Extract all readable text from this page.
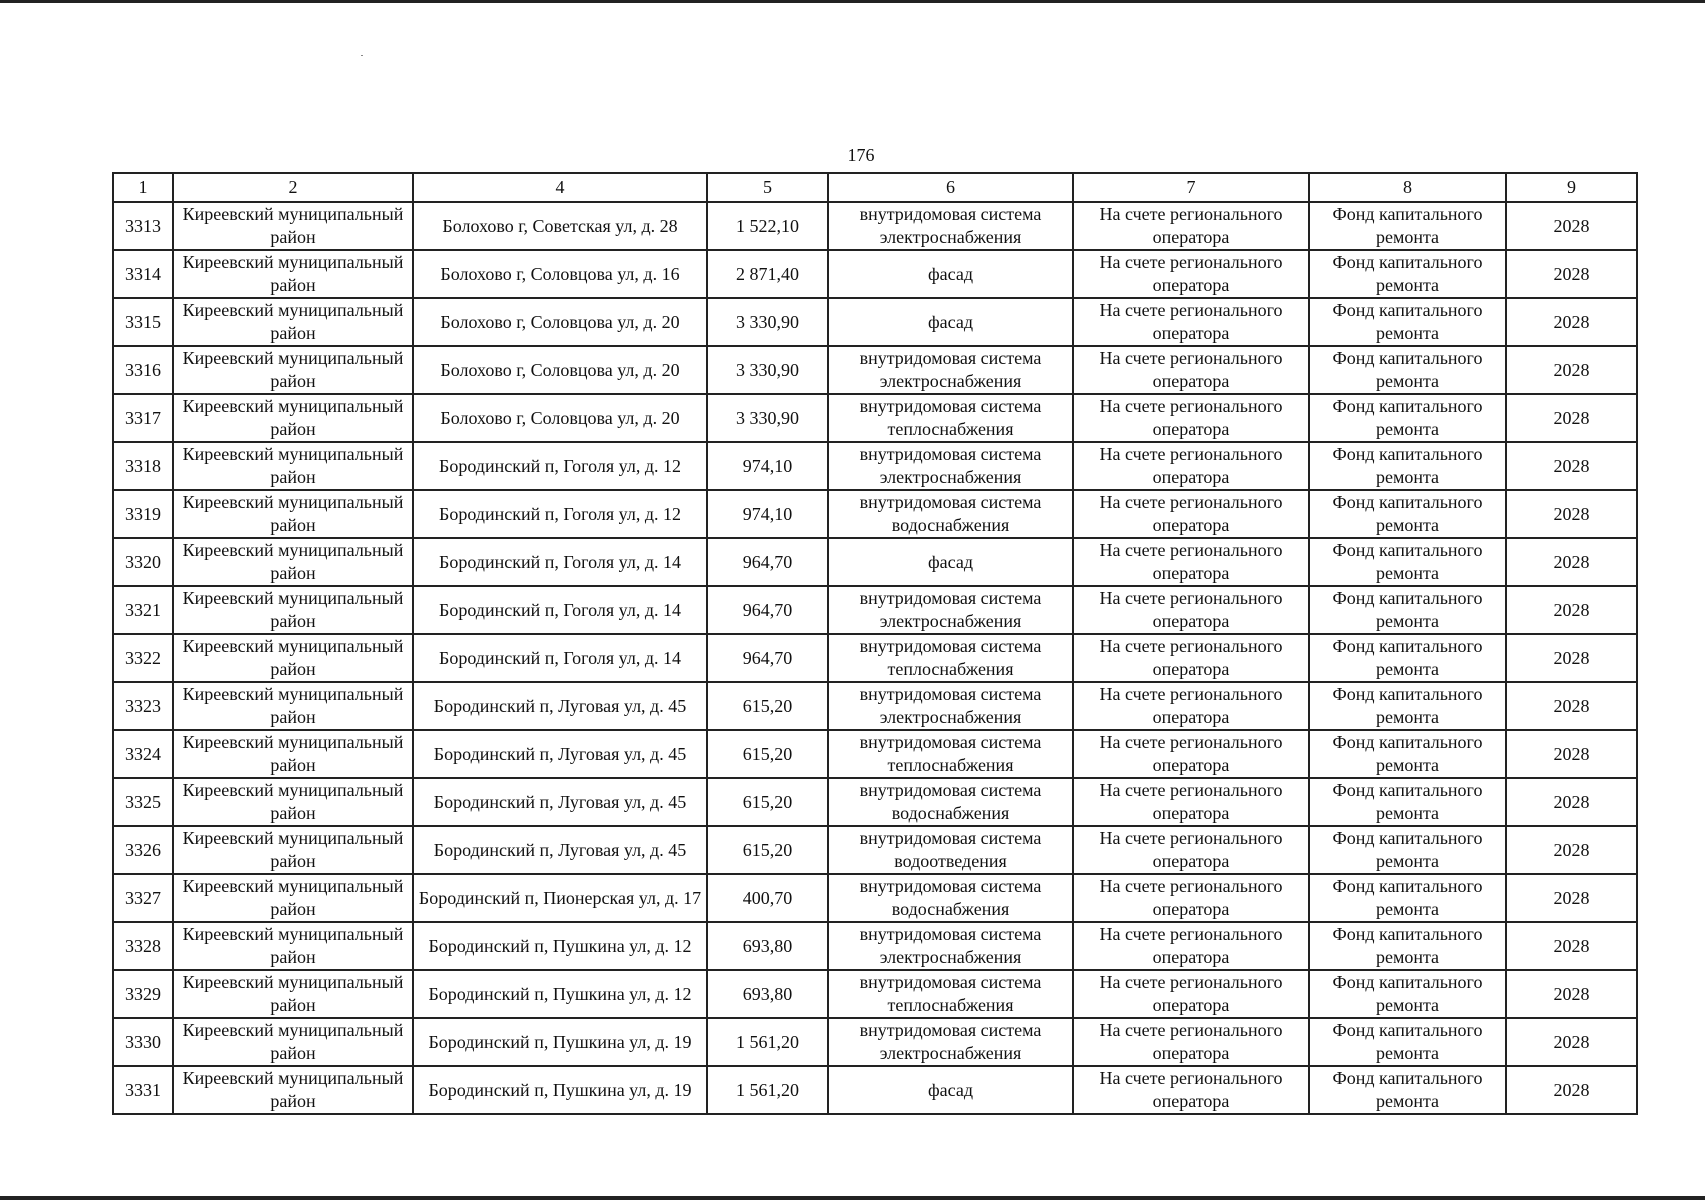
176
1	2	4	5	6	7	8	9
3313	Киреевский муниципальный район	Болохово г, Советская ул, д. 28	1 522,10	внутридомовая система электроснабжения	На счете регионального оператора	Фонд капитального ремонта	2028
3314	Киреевский муниципальный район	Болохово г, Соловцова ул, д. 16	2 871,40	фасад	На счете регионального оператора	Фонд капитального ремонта	2028
3315	Киреевский муниципальный район	Болохово г, Соловцова ул, д. 20	3 330,90	фасад	На счете регионального оператора	Фонд капитального ремонта	2028
3316	Киреевский муниципальный район	Болохово г, Соловцова ул, д. 20	3 330,90	внутридомовая система электроснабжения	На счете регионального оператора	Фонд капитального ремонта	2028
3317	Киреевский муниципальный район	Болохово г, Соловцова ул, д. 20	3 330,90	внутридомовая система теплоснабжения	На счете регионального оператора	Фонд капитального ремонта	2028
3318	Киреевский муниципальный район	Бородинский п, Гоголя ул, д. 12	974,10	внутридомовая система электроснабжения	На счете регионального оператора	Фонд капитального ремонта	2028
3319	Киреевский муниципальный район	Бородинский п, Гоголя ул, д. 12	974,10	внутридомовая система водоснабжения	На счете регионального оператора	Фонд капитального ремонта	2028
3320	Киреевский муниципальный район	Бородинский п, Гоголя ул, д. 14	964,70	фасад	На счете регионального оператора	Фонд капитального ремонта	2028
3321	Киреевский муниципальный район	Бородинский п, Гоголя ул, д. 14	964,70	внутридомовая система электроснабжения	На счете регионального оператора	Фонд капитального ремонта	2028
3322	Киреевский муниципальный район	Бородинский п, Гоголя ул, д. 14	964,70	внутридомовая система теплоснабжения	На счете регионального оператора	Фонд капитального ремонта	2028
3323	Киреевский муниципальный район	Бородинский п, Луговая ул, д. 45	615,20	внутридомовая система электроснабжения	На счете регионального оператора	Фонд капитального ремонта	2028
3324	Киреевский муниципальный район	Бородинский п, Луговая ул, д. 45	615,20	внутридомовая система теплоснабжения	На счете регионального оператора	Фонд капитального ремонта	2028
3325	Киреевский муниципальный район	Бородинский п, Луговая ул, д. 45	615,20	внутридомовая система водоснабжения	На счете регионального оператора	Фонд капитального ремонта	2028
3326	Киреевский муниципальный район	Бородинский п, Луговая ул, д. 45	615,20	внутридомовая система водоотведения	На счете регионального оператора	Фонд капитального ремонта	2028
3327	Киреевский муниципальный район	Бородинский п, Пионерская ул, д. 17	400,70	внутридомовая система водоснабжения	На счете регионального оператора	Фонд капитального ремонта	2028
3328	Киреевский муниципальный район	Бородинский п, Пушкина ул, д. 12	693,80	внутридомовая система электроснабжения	На счете регионального оператора	Фонд капитального ремонта	2028
3329	Киреевский муниципальный район	Бородинский п, Пушкина ул, д. 12	693,80	внутридомовая система теплоснабжения	На счете регионального оператора	Фонд капитального ремонта	2028
3330	Киреевский муниципальный район	Бородинский п, Пушкина ул, д. 19	1 561,20	внутридомовая система электроснабжения	На счете регионального оператора	Фонд капитального ремонта	2028
3331	Киреевский муниципальный район	Бородинский п, Пушкина ул, д. 19	1 561,20	фасад	На счете регионального оператора	Фонд капитального ремонта	2028
